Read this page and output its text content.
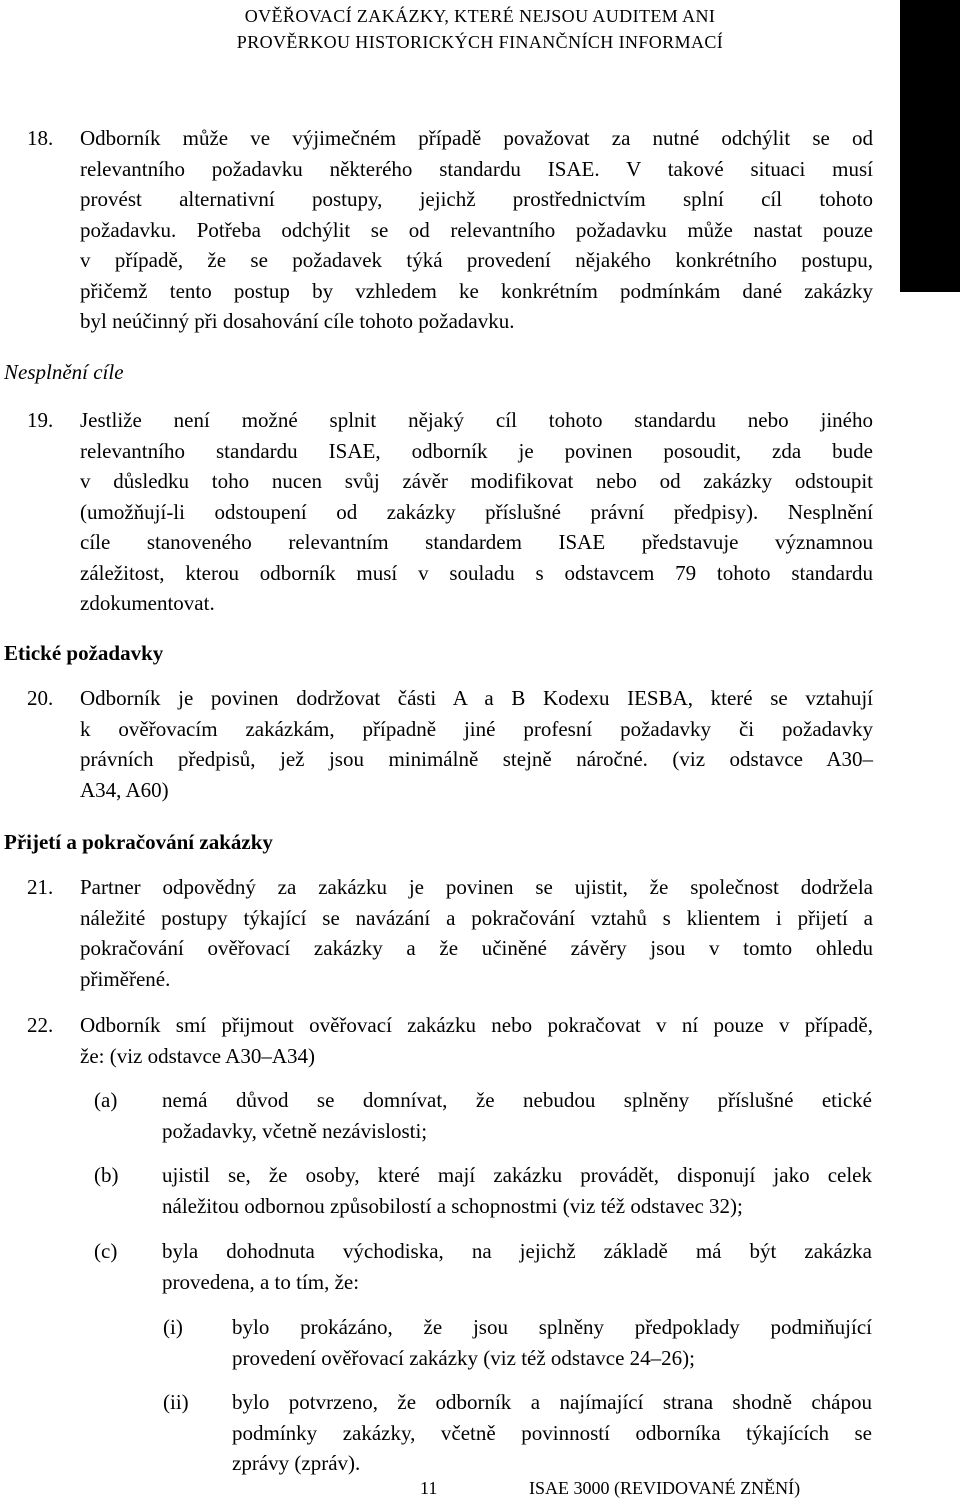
OVĚŘOVACÍ ZAKÁZKY, KTERÉ NEJSOU AUDITEM ANI
PROVĚRKOU HISTORICKÝCH FINANČNÍCH INFORMACÍ
18. Odborník může ve výjimečném případě považovat za nutné odchýlit se od
relevantního požadavku některého standardu ISAE. V takové situaci musí
provést alternativní postupy, jejichž prostřednictvím splní cíl tohoto
požadavku. Potřeba odchýlit se od relevantního požadavku může nastat pouze
v případě, že se požadavek týká provedení nějakého konkrétního postupu,
přičemž tento postup by vzhledem ke konkrétním podmínkám dané zakázky
byl neúčinný při dosahování cíle tohoto požadavku.
Nesplnění cíle
19. Jestliže není možné splnit nějaký cíl tohoto standardu nebo jiného
relevantního standardu ISAE, odborník je povinen posoudit, zda bude
v důsledku toho nucen svůj závěr modifikovat nebo od zakázky odstoupit
(umožňují-li odstoupení od zakázky příslušné právní předpisy). Nesplnění
cíle stanoveného relevantním standardem ISAE představuje významnou
záležitost, kterou odborník musí v souladu s odstavcem 79 tohoto standardu
zdokumentovat.
Etické požadavky
20. Odborník je povinen dodržovat části A a B Kodexu IESBA, které se vztahují
k ověřovacím zakázkám, případně jiné profesní požadavky či požadavky
právních předpisů, jež jsou minimálně stejně náročné. (viz odstavce A30–
A34, A60)
Přijetí a pokračování zakázky
21. Partner odpovědný za zakázku je povinen se ujistit, že společnost dodržela
náležité postupy týkající se navázání a pokračování vztahů s klientem i přijetí a
pokračování ověřovací zakázky a že učiněné závěry jsou v tomto ohledu
přiměřené.
22. Odborník smí přijmout ověřovací zakázku nebo pokračovat v ní pouze v případě,
že: (viz odstavce A30–A34)
(a) nemá důvod se domnívat, že nebudou splněny příslušné etické
požadavky, včetně nezávislosti;
(b) ujistil se, že osoby, které mají zakázku provádět, disponují jako celek
náležitou odbornou způsobilostí a schopnostmi (viz též odstavec 32);
(c) byla dohodnuta východiska, na jejichž základě má být zakázka
provedena, a to tím, že:
(i) bylo prokázáno, že jsou splněny předpoklady podmiňující
provedení ověřovací zakázky (viz též odstavce 24–26);
(ii) bylo potvrzeno, že odborník a najímající strana shodně chápou
podmínky zakázky, včetně povinností odborníka týkajících se
zprávy (zpráv).
11	ISAE 3000 (REVIDOVANÉ ZNĚNÍ)
